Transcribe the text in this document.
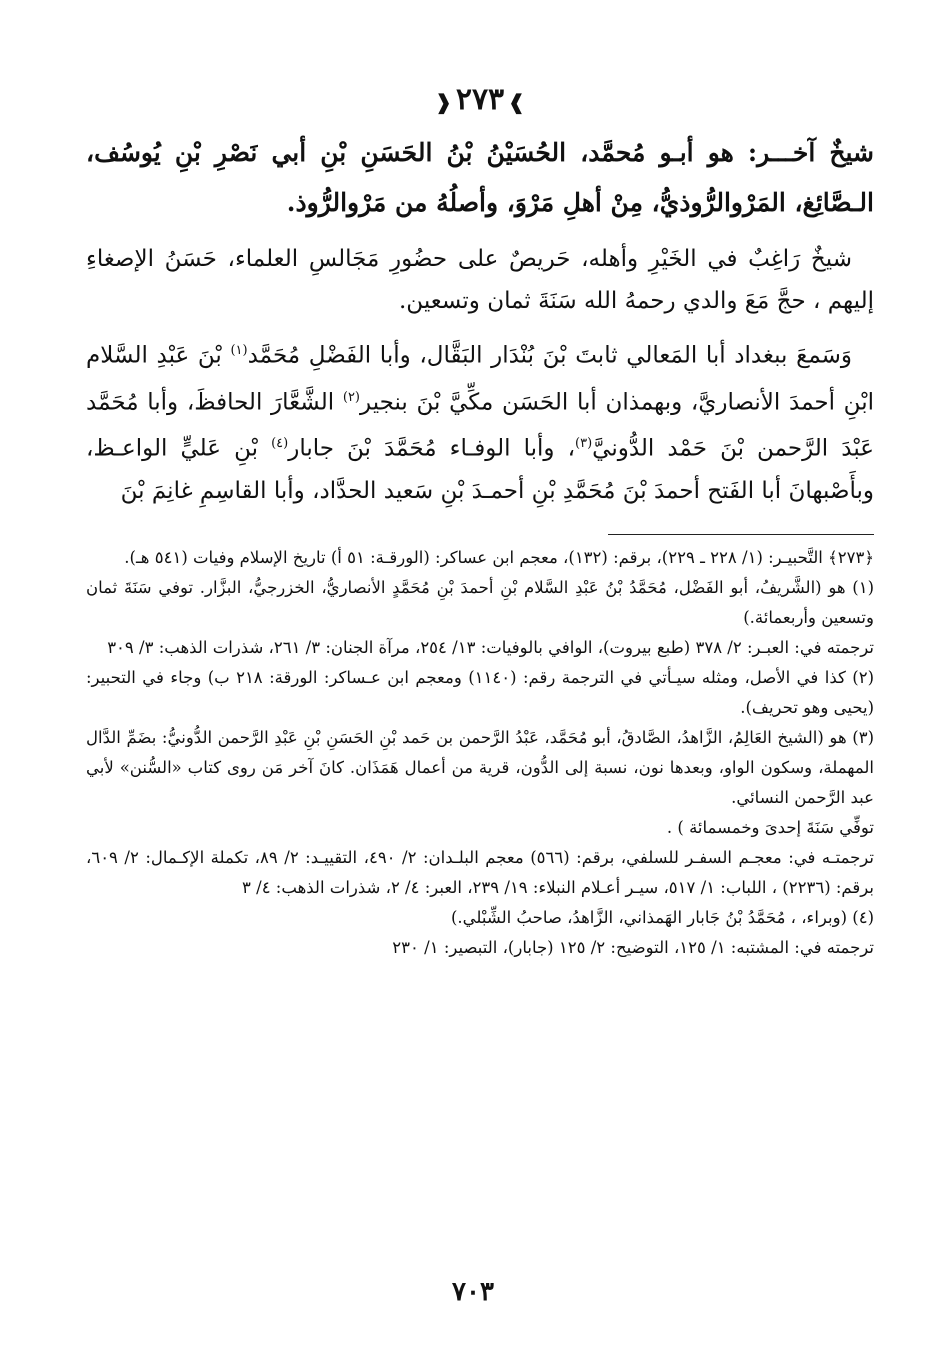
❱٢٧٣❰

شيخٌ آخـــر: هو أبـو مُحمَّد، الحُسَيْنُ بْنُ الحَسَنِ بْنِ أبي نَصْرِ بْنِ يُوسُف، الـصَّائِغ، المَرْوالرُّوذيُّ، مِنْ أهلِ مَرْوَ، وأصلُهُ من مَرْوالرُّوذ.

شيخٌ رَاغِبٌ في الخَيْرِ وأهله، حَريصٌ على حضُورِ مَجَالسِ العلماء، حَسَنُ الإصغاءِ إليهم ، حجَّ مَعَ والدي رحمهُ الله سَنَةَ ثمان وتسعين.

وَسَمعَ ببغداد أبا المَعالي ثابتَ بْنَ بُنْدَار البَقَّال، وأبا الفَضْلِ مُحَمَّد$^{(١)}$ بْنَ عَبْدِ السَّلام ابْنِ أحمدَ الأنصاريَّ، وبهمذان أبا الحَسَن مكِّيَّ بْنَ بنجير$^{(٢)}$ الشَّعَّارَ الحافظَ، وأبا مُحَمَّد عَبْدَ الرَّحمن بْنَ حَمْد الدُّونيَّ$^{(٣)}$، وأبا الوفـاء مُحَمَّدَ بْنَ جابار$^{(٤)}$ بْنِ عَليٍّ الواعـظ، وبأَصْبهانَ أبا الفَتح أحمدَ بْنَ مُحَمَّدِ بْنِ أحمـدَ بْنِ سَعيد الحدَّاد، وأبا القاسِمِ غانِمَ بْنَ

﴿٢٧٣﴾ التَّحبيـر: (١/ ٢٢٨ ـ ٢٢٩)، برقم: (١٣٢)، معجم ابن عساكر: (الورقـة: ٥١ أ) تاريخ الإسلام وفيات (٥٤١ هـ).

(١) هو (الشَّريفُ، أبو الفَضْل، مُحَمَّدُ بْنُ عَبْدِ السَّلام بْنِ أحمدَ بْنِ مُحَمَّدٍ الأنصاريُّ، الخزرجيُّ، البزَّار. توفي سَنَةَ ثمان وتسعين وأربعمائة.)

ترجمته في: العبـر: ٢/ ٣٧٨ (طبع بيروت)، الوافي بالوفيات: ١٣/ ٢٥٤، مرآة الجنان: ٣/ ٢٦١، شذرات الذهب: ٣/ ٣٠٩

(٢) كذا في الأصل، ومثله سيـأتي في الترجمة رقم: (١١٤٠) ومعجم ابن عـساكر: الورقة: ٢١٨ ب) وجاء في التحبير: (يحيى وهو تحريف).

(٣) هو (الشيخ العَالِمُ، الزَّاهدُ، الصَّادقُ، أبو مُحَمَّد، عَبْدُ الرَّحمن بن حَمد بْنِ الحَسَنِ بْنِ عَبْدِ الرَّحمن الدُّونيُّ: بضَمِّ الدَّال المهملة، وسكون الواو، وبعدها نون، نسبة إلى الدُّون، قرية من أعمال هَمَذَان. كانَ آخر مَن روى كتاب «السُّنن» لأبي عبد الرَّحمن النسائي.

توفِّي سَنَةَ إحدىَ وخمسمائة ) .

ترجمتـه في: معجـم السفـر للسلفي، برقم: (٥٦٦) معجم البلـدان: ٢/ ٤٩٠، التقييـد: ٢/ ٨٩، تكملة الإكـمال: ٢/ ٦٠٩، برقم: (٢٢٣٦) ، اللباب: ١/ ٥١٧، سيـر أعـلام النبلاء: ١٩/ ٢٣٩، العبر: ٤/ ٢، شذرات الذهب: ٤/ ٣

(٤) (وبراء، ، مُحَمَّدُ بْنُ جَابار الهَمذاني، الزَّاهدُ، صاحبُ الشِّبْلي.)

ترجمته في: المشتبه: ١/ ١٢٥، التوضيح: ٢/ ١٢٥ (جابار)، التبصير: ١/ ٢٣٠

٧٠٣
